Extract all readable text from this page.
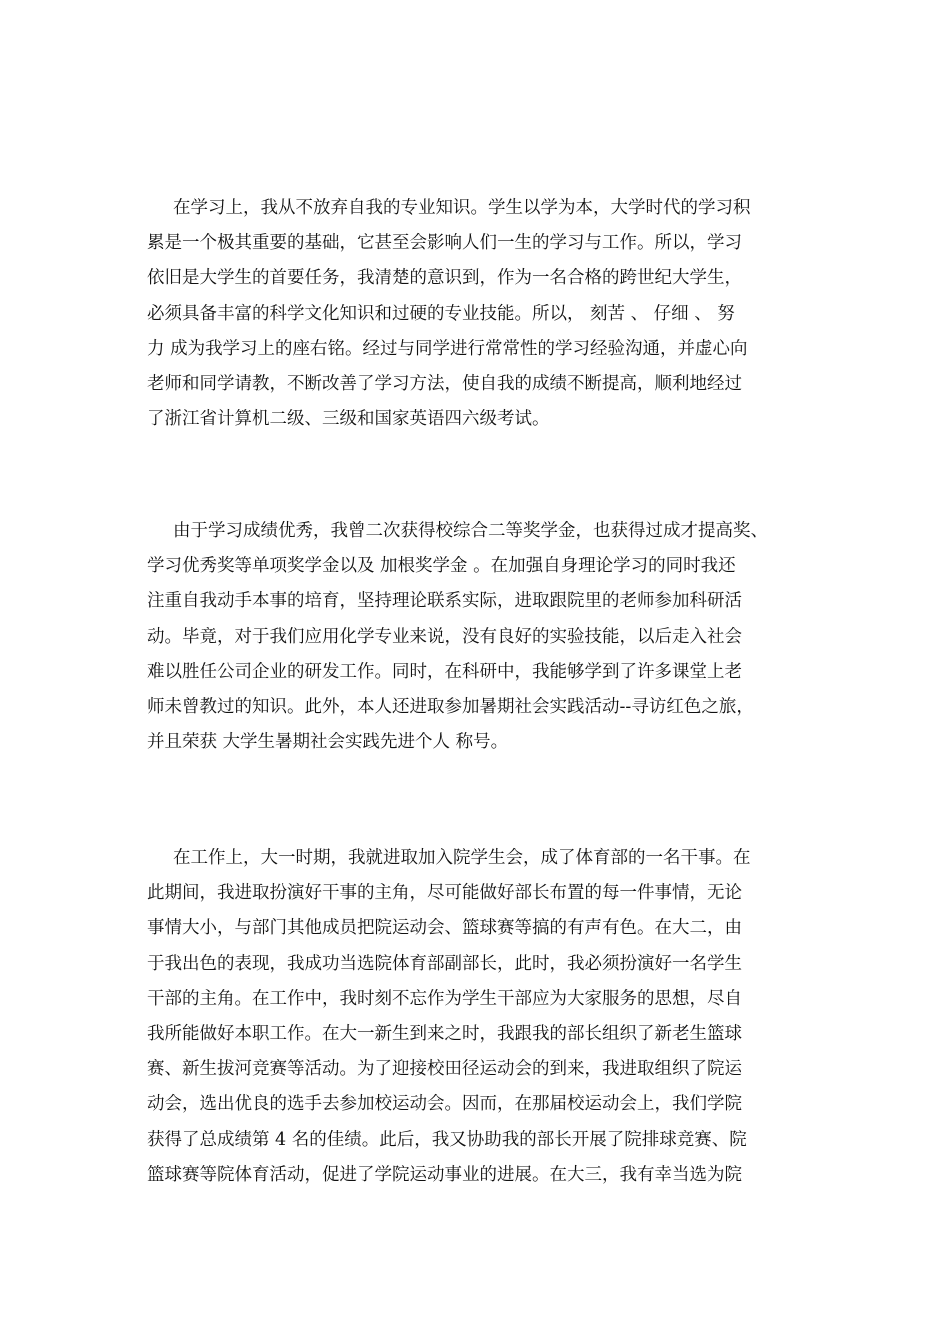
在学习上，我从不放弃自我的专业知识。学生以学为本，大学时代的学习积
累是一个极其重要的基础，它甚至会影响人们一生的学习与工作。所以，学习
依旧是大学生的首要任务，我清楚的意识到，作为一名合格的跨世纪大学生，
必须具备丰富的科学文化知识和过硬的专业技能。所以， 刻苦 、 仔细 、 努
力 成为我学习上的座右铭。经过与同学进行常常性的学习经验沟通，并虚心向
老师和同学请教，不断改善了学习方法，使自我的成绩不断提高，顺利地经过
了浙江省计算机二级、三级和国家英语四六级考试。
由于学习成绩优秀，我曾二次获得校综合二等奖学金，也获得过成才提高奖、
学习优秀奖等单项奖学金以及 加根奖学金 。在加强自身理论学习的同时我还
注重自我动手本事的培育，坚持理论联系实际，进取跟院里的老师参加科研活
动。毕竟，对于我们应用化学专业来说，没有良好的实验技能，以后走入社会
难以胜任公司企业的研发工作。同时，在科研中，我能够学到了许多课堂上老
师未曾教过的知识。此外，本人还进取参加暑期社会实践活动--寻访红色之旅，
并且荣获 大学生暑期社会实践先进个人 称号。
在工作上，大一时期，我就进取加入院学生会，成了体育部的一名干事。在
此期间，我进取扮演好干事的主角，尽可能做好部长布置的每一件事情，无论
事情大小，与部门其他成员把院运动会、篮球赛等搞的有声有色。在大二，由
于我出色的表现，我成功当选院体育部副部长，此时，我必须扮演好一名学生
干部的主角。在工作中，我时刻不忘作为学生干部应为大家服务的思想，尽自
我所能做好本职工作。在大一新生到来之时，我跟我的部长组织了新老生篮球
赛、新生拔河竞赛等活动。为了迎接校田径运动会的到来，我进取组织了院运
动会，选出优良的选手去参加校运动会。因而，在那届校运动会上，我们学院
获得了总成绩第 4 名的佳绩。此后，我又协助我的部长开展了院排球竞赛、院
篮球赛等院体育活动，促进了学院运动事业的进展。在大三，我有幸当选为院
